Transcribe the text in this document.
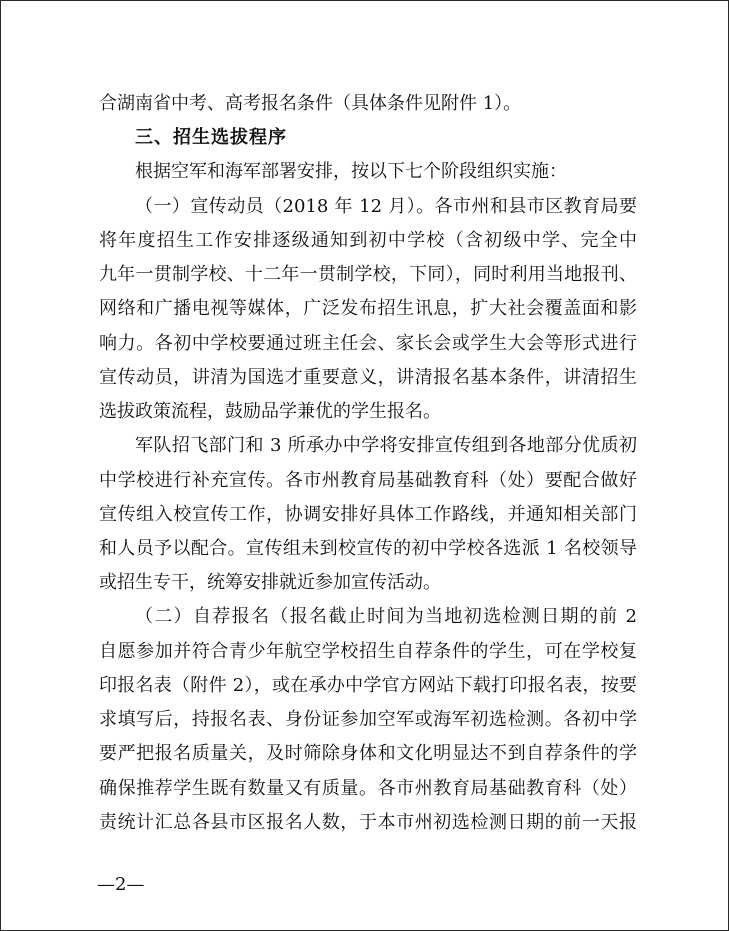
合湖南省中考、高考报名条件（具体条件见附件 1）。

三、招生选拔程序

根据空军和海军部署安排，按以下七个阶段组织实施：

（一）宣传动员（2018 年 12 月）。各市州和县市区教育局要

将年度招生工作安排逐级通知到初中学校（含初级中学、完全中

九年一贯制学校、十二年一贯制学校，下同），同时利用当地报刊、

网络和广播电视等媒体，广泛发布招生讯息，扩大社会覆盖面和影

响力。各初中学校要通过班主任会、家长会或学生大会等形式进行

宣传动员，讲清为国选才重要意义，讲清报名基本条件，讲清招生

选拔政策流程，鼓励品学兼优的学生报名。

军队招飞部门和 3 所承办中学将安排宣传组到各地部分优质初

中学校进行补充宣传。各市州教育局基础教育科（处）要配合做好

宣传组入校宣传工作，协调安排好具体工作路线，并通知相关部门

和人员予以配合。宣传组未到校宣传的初中学校各选派 1 名校领导

或招生专干，统筹安排就近参加宣传活动。

（二）自荐报名（报名截止时间为当地初选检测日期的前 2

自愿参加并符合青少年航空学校招生自荐条件的学生，可在学校复

印报名表（附件 2），或在承办中学官方网站下载打印报名表，按要

求填写后，持报名表、身份证参加空军或海军初选检测。各初中学

要严把报名质量关，及时筛除身体和文化明显达不到自荐条件的学

确保推荐学生既有数量又有质量。各市州教育局基础教育科（处）

责统计汇总各县市区报名人数，于本市州初选检测日期的前一天报

—2—
